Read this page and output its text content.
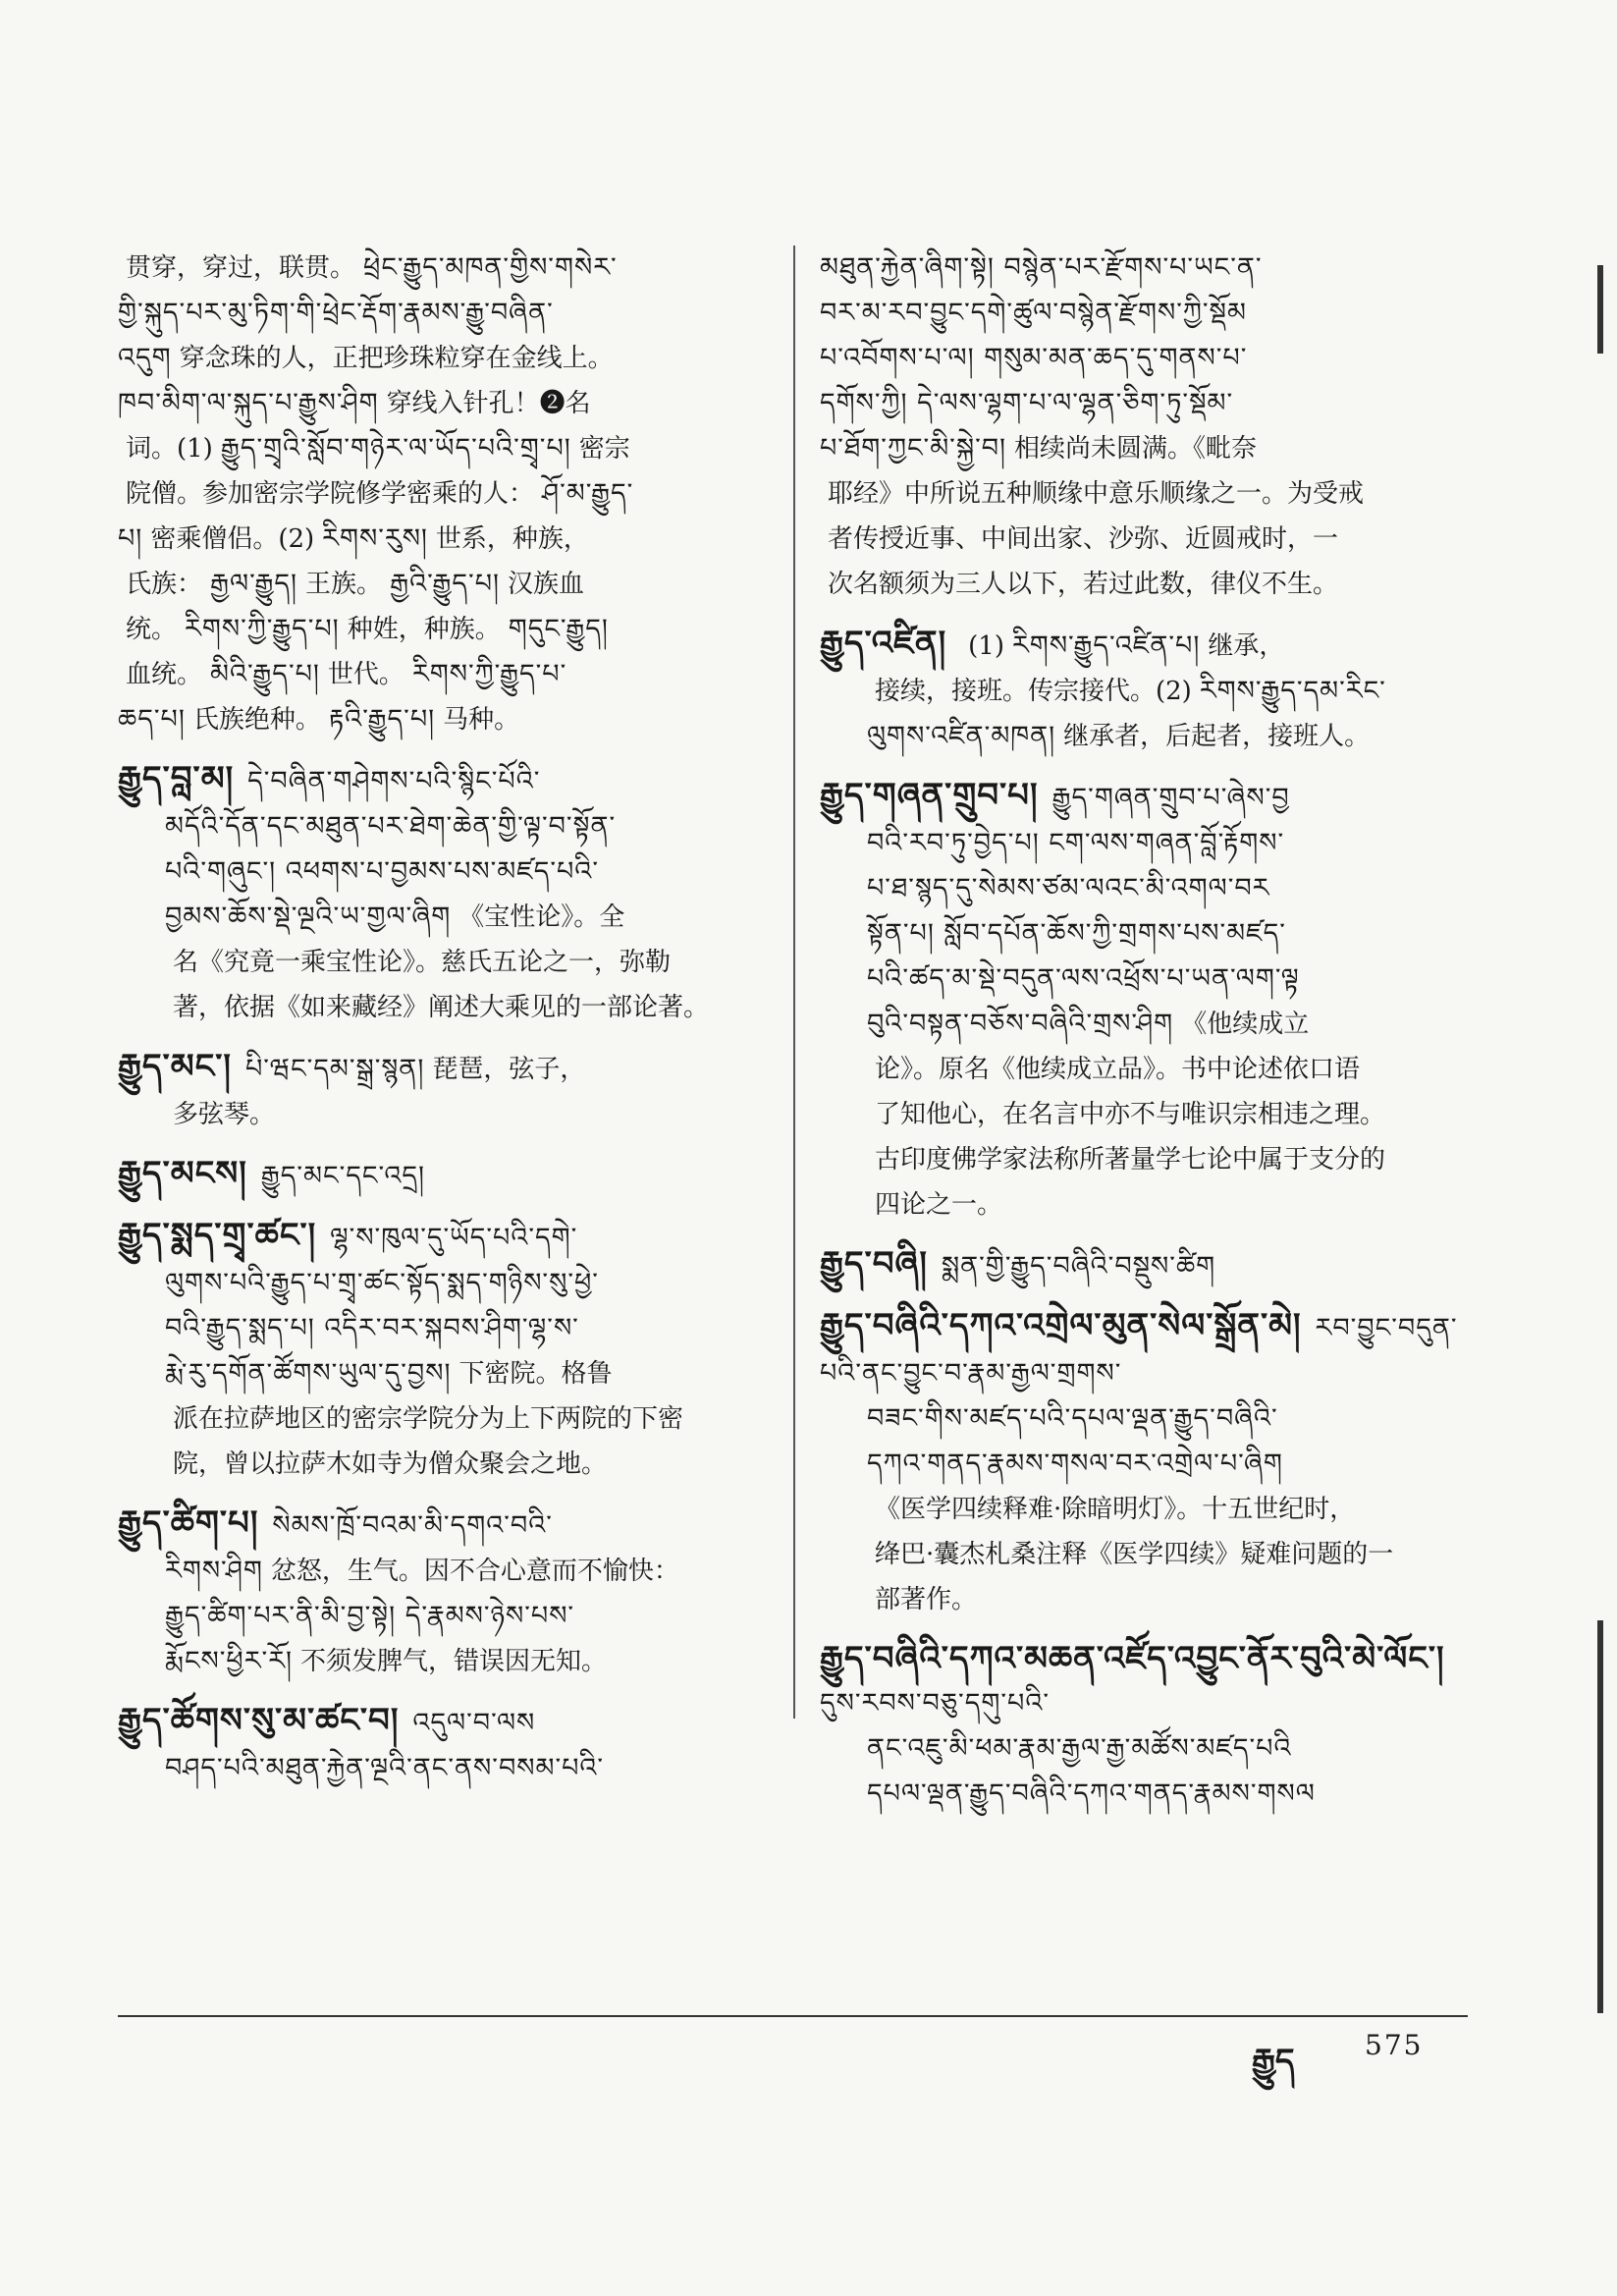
贯穿，穿过，联贯。 ཕྲེང་རྒྱུད་མཁན་གྱིས་གསེར་
གྱི་སྐུད་པར་མུ་ཏིག་གི་ཕྲེང་རྡོག་རྣམས་རྒྱུ་བཞིན་
འདུག 穿念珠的人，正把珍珠粒穿在金线上。
ཁབ་མིག་ལ་སྐུད་པ་རྒྱུས་ཤིག 穿线入针孔！❷名
词。(1) རྒྱུད་གྲྭའི་སློབ་གཉེར་ལ་ཡོད་པའི་གྲྭ་པ། 密宗
院僧。参加密宗学院修学密乘的人： ཤོ་མ་རྒྱུད་
པ། 密乘僧侣。(2) རིགས་རུས། 世系，种族，
氏族： རྒྱལ་རྒྱུད། 王族。 རྒྱའི་རྒྱུད་པ། 汉族血
统。 རིགས་ཀྱི་རྒྱུད་པ། 种姓，种族。 གདུང་རྒྱུད།
血统。 མིའི་རྒྱུད་པ། 世代。 རིགས་ཀྱི་རྒྱུད་པ་
ཆད་པ། 氏族绝种。 རྟའི་རྒྱུད་པ། 马种。
རྒྱུད་བླ་མ། དེ་བཞིན་གཤེགས་པའི་སྙིང་པོའི་
མདོའི་དོན་དང་མཐུན་པར་ཐེག་ཆེན་གྱི་ལྟ་བ་སྟོན་
པའི་གཞུང་། འཕགས་པ་བྱམས་པས་མཛད་པའི་
བྱམས་ཆོས་སྡེ་ལྔའི་ཡ་གྱལ་ཞིག 《宝性论》。全
名《究竟一乘宝性论》。慈氏五论之一，弥勒
著，依据《如来藏经》阐述大乘见的一部论著。
རྒྱུད་མང་། པི་ཝང་དམ་སྒྲ་སྙན། 琵琶，弦子，
多弦琴。
རྒྱུད་མངས། རྒྱུད་མང་དང་འདྲ།
རྒྱུད་སྨད་གྲྭ་ཚང་། ལྷ་ས་ཁུལ་དུ་ཡོད་པའི་དགེ་
ལུགས་པའི་རྒྱུད་པ་གྲྭ་ཚང་སྟོད་སྨད་གཉིས་སུ་ཕྱེ་
བའི་རྒྱུད་སྨད་པ། འདིར་བར་སྐབས་ཤིག་ལྷ་ས་
རྨེ་རུ་དགོན་ཚོགས་ཡུལ་དུ་བྱས། 下密院。格鲁
派在拉萨地区的密宗学院分为上下两院的下密
院，曾以拉萨木如寺为僧众聚会之地。
རྒྱུད་ཚིག་པ། སེམས་ཁྲོ་བའམ་མི་དགའ་བའི་
རིགས་ཤིག 忿怒，生气。因不合心意而不愉快：
རྒྱུད་ཚིག་པར་ནི་མི་བྱ་སྟེ། དེ་རྣམས་ཉེས་པས་
རྨོངས་ཕྱིར་རོ། 不须发脾气，错误因无知。
རྒྱུད་ཚོགས་སུ་མ་ཚང་བ། འདུལ་བ་ལས
བཤད་པའི་མཐུན་རྐྱེན་ལྔའི་ནང་ནས་བསམ་པའི་
མཐུན་རྐྱེན་ཞིག་སྟེ། བསྙེན་པར་རྫོགས་པ་ཡང་ན་
བར་མ་རབ་བྱུང་དགེ་ཚུལ་བསྙེན་རྫོགས་ཀྱི་སྡོམ
པ་འབོགས་པ་ལ། གསུམ་མན་ཆད་དུ་གནས་པ་
དགོས་ཀྱི། དེ་ལས་ལྷག་པ་ལ་ལྷན་ཅིག་ཏུ་སྡོམ་
པ་ཐོག་ཀྱང་མི་སྐྱེ་བ། 相续尚未圆满。《毗奈
耶经》中所说五种顺缘中意乐顺缘之一。为受戒
者传授近事、中间出家、沙弥、近圆戒时，一
次名额须为三人以下，若过此数，律仪不生。
རྒྱུད་འཛིན། (1) རིགས་རྒྱུད་འཛིན་པ། 继承，
接续，接班。传宗接代。(2) རིགས་རྒྱུད་དམ་རིང་
ལུགས་འཛིན་མཁན། 继承者，后起者，接班人。
རྒྱུད་གཞན་གྲུབ་པ། རྒྱུད་གཞན་གྲུབ་པ་ཞེས་བྱ
བའི་རབ་ཏུ་བྱེད་པ། ངག་ལས་གཞན་བློ་རྟོགས་
པ་ཐ་སྙད་དུ་སེམས་ཙམ་ལའང་མི་འགལ་བར
སྟོན་པ། སློབ་དཔོན་ཆོས་ཀྱི་གྲགས་པས་མཛད་
པའི་ཚད་མ་སྡེ་བདུན་ལས་འཕྲོས་པ་ཡན་ལག་ལྟ
བུའི་བསྟན་བཅོས་བཞིའི་གྲས་ཤིག 《他续成立
论》。原名《他续成立品》。书中论述依口语
了知他心，在名言中亦不与唯识宗相违之理。
古印度佛学家法称所著量学七论中属于支分的
四论之一。
རྒྱུད་བཞི། སྨན་གྱི་རྒྱུད་བཞིའི་བསྡུས་ཚིག
རྒྱུད་བཞིའི་དཀའ་འགྲེལ་མུན་སེལ་སྒྲོན་མེ། རབ་བྱུང་བདུན་པའི་ནང་བྱུང་བ་རྣམ་རྒྱལ་གྲགས་
བཟང་གིས་མཛད་པའི་དཔལ་ལྡན་རྒྱུད་བཞིའི་
དཀའ་གནད་རྣམས་གསལ་བར་འགྲེལ་པ་ཞིག
《医学四续释难·除暗明灯》。十五世纪时，
绛巴·囊杰札桑注释《医学四续》疑难问题的一
部著作。
རྒྱུད་བཞིའི་དཀའ་མཆན་འཛོད་འབྱུང་ནོར་བུའི་མེ་ལོང་།དུས་རབས་བཅུ་དགུ་པའི་
ནང་འཇུ་མི་ཕམ་རྣམ་རྒྱལ་རྒྱ་མཚོས་མཛད་པའི
དཔལ་ལྡན་རྒྱུད་བཞིའི་དཀའ་གནད་རྣམས་གསལ
རྒྱུད	575
